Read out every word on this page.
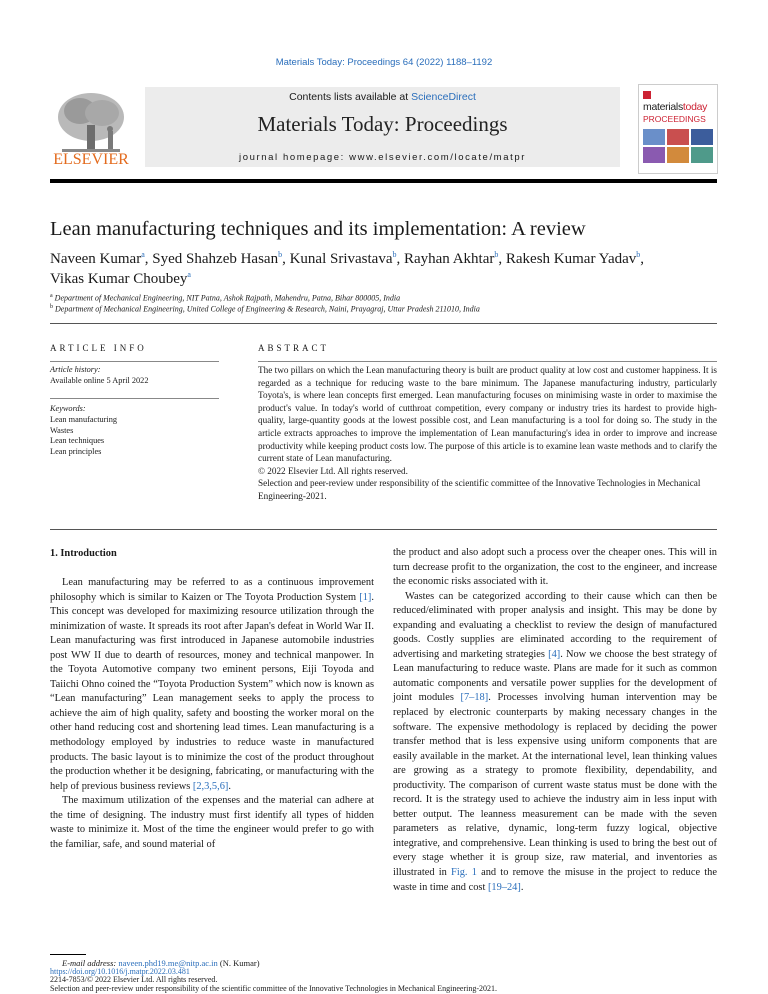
Materials Today: Proceedings 64 (2022) 1188–1192
ELSEVIER
Contents lists available at ScienceDirect
Materials Today: Proceedings
journal homepage: www.elsevier.com/locate/matpr
materialstoday
PROCEEDINGS
Lean manufacturing techniques and its implementation: A review
Naveen Kumar$^a$, Syed Shahzeb Hasan$^b$, Kunal Srivastava$^b$, Rayhan Akhtar$^b$, Rakesh Kumar Yadav$^b$,
Vikas Kumar Choubey$^a$
$^a$ Department of Mechanical Engineering, NIT Patna, Ashok Rajpath, Mahendru, Patna, Bihar 800005, India
$^b$ Department of Mechanical Engineering, United College of Engineering & Research, Naini, Prayagraj, Uttar Pradesh 211010, India
ARTICLE INFO
Article history:
Available online 5 April 2022
Keywords:
Lean manufacturing
Wastes
Lean techniques
Lean principles
ABSTRACT
The two pillars on which the Lean manufacturing theory is built are product quality at low cost and customer happiness. It is regarded as a technique for reducing waste to the bare minimum. The Japanese manufacturing industry, particularly Toyota's, is where lean concepts first emerged. Lean manufacturing focuses on minimising waste in order to maximise the product's value. In today's world of cutthroat competition, every company or industry tries its hardest to provide high-quality, large-quantity goods at the lowest possible cost, and Lean manufacturing is a tool for doing so. The study in the article extracts approaches to improve the implementation of Lean manufacturing's idea in order to improve and increase productivity while keeping product costs low. The purpose of this article is to examine lean waste methods and to clarify the current state of Lean manufacturing.
© 2022 Elsevier Ltd. All rights reserved.
Selection and peer-review under responsibility of the scientific committee of the Innovative Technologies in Mechanical Engineering-2021.
1. Introduction

Lean manufacturing may be referred to as a continuous improvement philosophy which is similar to Kaizen or The Toyota Production System [1]. This concept was developed for maximizing resource utilization through the minimization of waste. It spreads its root after Japan's defeat in World War II. Lean manufacturing was first introduced in Japanese automobile industries post WW II due to dearth of resources, money and technical manpower. In the Toyota Automotive company two eminent persons, Eiji Toyoda and Taiichi Ohno coined the “Toyota Production System” which now is known as “Lean manufacturing” Lean management seeks to apply the process to achieve the aim of high quality, safety and boosting the worker moral on the other hand reducing cost and shortening lead times. Lean manufacturing is a methodology employed by industries to reduce waste in manufactured products. The basic layout is to minimize the cost of the product throughout the production whether it be designing, fabricating, or manufacturing with the help of previous business reviews [2,3,5,6].

The maximum utilization of the expenses and the material can adhere at the time of designing. The industry must first identify all types of hidden waste to minimize it. Most of the time the engineer would prefer to go with the familiar, safe, and sound material of

the product and also adopt such a process over the cheaper ones. This will in turn decrease profit to the organization, the cost to the engineer, and increase the economic risks associated with it.

Wastes can be categorized according to their cause which can then be reduced/eliminated with proper analysis and insight. This may be done by expanding and evaluating a checklist to review the design of manufactured goods. Costly supplies are eliminated according to the requirement of advertising and marketing strategies [4]. Now we choose the best strategy of Lean manufacturing to reduce waste. Plans are made for it such as common automatic components and versatile power supplies for the development of joint modules [7–18]. Processes involving human intervention may be replaced by electronic counterparts by making necessary changes in the software. The expensive methodology is replaced by deciding the power transfer method that is less expensive using uniform components that are easily available in the market. At the international level, lean thinking values are growing as a strategy to promote flexibility, dependability, and productivity. The comparison of current waste status must be done with the record. It is the strategy used to achieve the industry aim in less input with better output. The leanness measurement can be made with the seven parameters as relative, dynamic, long-term fuzzy logical, objective integrative, and comprehensive. Lean thinking is used to bring the best out of every stage whether it is group size, raw material, and inventories as illustrated in Fig. 1 and to remove the misuse in the project to reduce the waste in time and cost [19–24].

E-mail address: naveen.phd19.me@nitp.ac.in (N. Kumar)
https://doi.org/10.1016/j.matpr.2022.03.481
2214-7853/© 2022 Elsevier Ltd. All rights reserved.
Selection and peer-review under responsibility of the scientific committee of the Innovative Technologies in Mechanical Engineering-2021.
